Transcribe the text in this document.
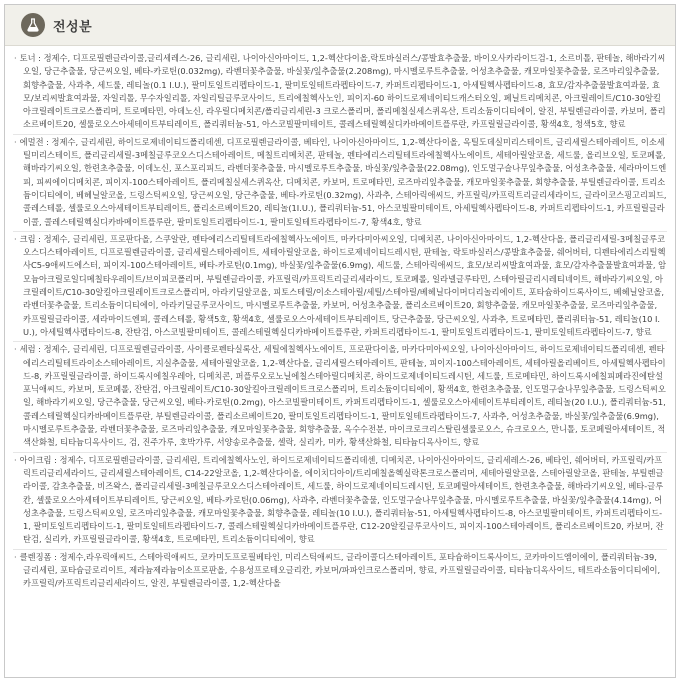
전성분
· 토너 : 정제수, 디프로필렌글라이콜,글리세레스-26, 글리세린, 나이아신아마이드, 1,2-헥산다이올,락토바실러스/콩발효추출물, 바이오사카라이드검-1, 소르비톨, 판테놀, 해바라기씨오일, 당근추출물, 당근씨오일, 베타-카로틴(0.032mg), 라벤더꽃추출물, 바실꽃/잎추출물(2.208mg), 마시멜로루트추출물, 어성초추출물, 캐모마일꽃추출물, 로즈마리잎추출물, 회향추출물, 사과추, 세드룰, 레티놀(0.1 I.U.), 팔미토일트리펩타이드-1, 팔미토일테트라펩타이드-7, 카퍼트리펩타이드-1, 아세틸헥사펩타이드-8, 효모/감자추출물발효여과물, 효모/보리씨발효여과물, 자일리톨, 무수자일리톨, 자일리틸글루코사이드, 트리에칠헥사노인, 피이지-60 하이드로제네이티드캐스터오일, 페닐트리메치콘, 아크릴레이트/C10-30알킬아크릴레이트크로스폴리머, 트로메타민, 아데노신, 라우릴디메치콘/폴리글리세린-3 크로스폴리머, 폴리메칠실세스퀴옥산, 트리소듐이디티에이, 알진, 부틸렌글라이콜, 카보머, 폴리소르베이트20, 셀룰로오스아세테이트부티레이트, 폴리쿼터늄-51, 아스코빌팔미테이트, 콜레스테릴헥실디카바메이트플루란, 카프릴릴글라이콜, 황색4호, 청색5호, 향료
· 에멀전 : 정제수, 글리세린, 하이드로제네이티드폴리데센, 디프로필렌글라이콜, 베타인, 나이아신아마이드, 1,2-헥산다이올, 옥틸도데실미리스테이트, 글리세릴스테아레이트, 이소세틸미리스테이트, 폴리글리세릴-3메칠글루코오스디스테아레이트, 메칠트리메치콘, 판테놀, 펜타에리스리틸테트라에칠헥사노에이트, 세테아릴알코올, 세드룰, 올리브오일, 토코페롤, 해바라기씨오일, 한련초추출물, 이데노신, 포스포리피드, 라벤더꽃추출물, 마시멜로루트추출물, 바실꽃/잎추출물(22.08mg), 인도멀구슬나무잎추출물, 어성초추출물, 세라마이드엔피, 피씨에이디메치콘, 피이지-100스테아레이트, 폴리메칠실세스퀴옥산, 디메치콘, 카보머, 트로메타민, 로즈마리잎추출물, 캐모마일꽃추출물, 회향추출물, 부틸렌글라이콜, 트리소듐이디티에이, 베헤닐알코올, 드링스틱씨오일, 당근씨오일, 당근추출물, 베타-카로틴(0.32mg), 사과추, 스테아릭애씨드, 카프릴릭/카프릭트리글리세라이드, 글라이코스핑고리피드, 콜레스테롤, 셀룰로오스아세테이트부티레이트, 폴리소르베이트20, 레티놀(1I.U.), 폴리쿼터늄-51, 아스코빌팔미테이트, 아세틸헥사펩타이드-8, 카퍼트리펩타이드-1, 카프릴릴글라이콜, 콜레스테릴헥실디카바메이트플루란, 팔미토일트리펩타이드-1, 팔미토일테트라펩타이드-7, 황색4호, 향료
· 크림 : 정제수, 글리세린, 프로판다올, 스쿠알란, 펜타에리스리틸테트라에칠헥사노에이트, 마카다미아씨오일, 디메치콘, 나이아신아마이드, 1,2-헥산다올, 폴리글리세릴-3메칠글루코오스디스테아레이트, 디프로필렌글라이콜, 글리세릴스테아레이트, 세테아릴알코올, 하이드로제네이티드레시틴, 판테놀, 락토바실러스/콩발효추출물, 쉐어버터, 디펜타에리스리틸헥사C5-9애씨드에스터, 피이지-100스테아레이트, 베타-카로틴(0.1mg), 바실꽃/잎추출물(6.9mg), 세드룰, 스테아릭애씨드, 효모/보리씨발효여과물, 효모/감자추출물발효여과물, 암모늄아크릴로일디메칠타우레이트/브이피코폴리머, 부틸렌글라이콜, 카프릴릭/카프릭트리글리세라이드, 토코페롤, 일라넬글루타민, 스테아릴글리시레티네이트, 해바라기씨오일, 아크릴레이트/C10-30알킬아크릴레이트크로스폴리머, 아라키딜알코올, 피토스테릴/이소스테아릴/세틸/스테아릴/베헤닐다이머디리놀리에이트, 포타슘하이드록사이드, 베헤닐알코올, 라벤더꽃추출물, 트리소듐이디티에이, 아라키딜글루코사이드, 마시멜로루트추출물, 카보머, 어성초추출물, 폴리소르베이트20, 회향추출물, 캐모마일꽃추출물, 로즈마리잎추출물, 카프릴릴글라이콜, 세라마이드엔피, 콜레스테롤, 황색5호, 황색4호, 셀룰로오스아세테이트부티레이트, 당근추출물, 당근씨오일, 사과추, 트로메타민, 폴리쿼터늄-51, 레티놀(10 I.U.), 아세틸헥사펩타이드-8, 잔탄검, 아스코빌팔미테이트, 콜레스테릴헥실디카바메이트플루란, 카퍼트리펩타이드-1, 팔미토일트리펩타이드-1, 팔미토일테트라펩타이드-7, 향료
· 세럼 : 정제수, 글리세린, 디프로필렌글라이콜, 사이클로펜타실록산, 세틸에칠헥사노에이트, 프로판다이올, 마카다미아씨오일, 나이아신아마이드, 하이드로제네이티드폴리데센, 펜타에리스리틸테트라이소스테아레이트, 지실추출물, 세테아릴알코올, 1,2-헥산다올, 글리세릴스테아레이트, 판테놀, 피이지-100스테아레이트, 세테아릴올리베이트, 아세틸헥사펩타이드-8, 카프릴릴글라이콜, 하이드록시에칠우레아, 디메치콘, 퍼플루오로노닐에칠스테아릴디메치콘, 하이드로제네이티드레시틴, 세드룰, 트로메타민, 하이드록시에칠피페라진에탄설포닉애씨드, 카보머, 토코페롤, 잔탄검, 아크릴레이트/C10-30알킬아크릴레이트크로스폴리머, 트리소듐이디티에이, 황색4호, 한련초추출물, 인도멀구슬나무잎추출물, 드링스틱씨오일, 해바라기씨오일, 당근추출물, 당근씨오일, 베타-카로틴(0.2mg), 아스코빌팔미테이트, 카퍼트리펩타이드-1, 셀룰로오스아세테이트부티레이트, 레티놀(20 I.U.), 폴리쿼터늄-51, 콜레스테릴헥실디카바메이트플루란, 부틸렌글라이콜, 폴리소르베이트20, 팔미토일트리펩타이드-1, 팔미토일테트라펩타이드-7, 사과추, 어성초추출물, 바실꽃/잎추출물(6.9mg), 마시멜로루트추출물, 라벤더꽃추출물, 로즈마리잎추출물, 캐모마일꽃추출물, 회향추출물, 옥수수전분, 마이크로크리스탈린셀룰로오스, 슈크로오스, 만니톨, 토코페릴아세테이트, 적색산화철, 티타늄디옥사이드, 검, 진주가루, 호박가루, 서양송로추출물, 셀락, 실리카, 미카, 황색산화철, 티타늄디옥사이드, 향료
· 아이크림 : 정제수, 디프로필렌글라이콜, 글리세린, 트리에칠헥사노인, 하이드로제네이티드폴리데센, 디메치콘, 나이아신아마이드, 글리세레스-26, 베타인, 쉐어버터, 카프릴릭/카프릭트리글리세라이드, 글리세릴스테아레이트, C14-22알코올, 1,2-헥산다이올, 에이치디아이/트리메칠올헥실락톤크로스폴리머, 세테아릴알코올, 스테아릴알코올, 판테놀, 부틸렌글라이콜, 감초추출물, 비즈왁스, 폴리글리세릴-3메칠글루코오스디스테아레이트, 세드룰, 하이드로제네이티드레시틴, 토코페릴아세테이트, 한련초추출물, 해바라기씨오일, 베타-글루칸, 셀룰로오스아세테이트부티레이트, 당근씨오일, 베타-카로틴(0.06mg), 사과추, 라벤더꽃추출물, 인도멀구슬나무잎추출물, 마시멜로루트추출물, 바실꽃/잎추출물(4.14mg), 어성초추출물, 드링스틱씨오일, 로즈마리잎추출물, 캐모마일꽃추출물, 회향추출물, 레티놀(10 I.U.), 폴리쿼터늄-51, 아세틸헥사펩타이드-8, 아스코빌팔미테이트, 카퍼트리펩타이드-1, 팔미토일트리펩타이드-1, 팔미토일테트라펩타이드-7, 콜레스테릴헥실디카바메이트플루란, C12-20알킬글루코사이드, 피이지-100스테아레이트, 폴리소르베이트20, 카보머, 잔탄검, 실리카, 카프릴릴글라이콜, 황색4호, 트로메타민, 트리소듐이디티에이, 향료
· 클렌징폼 : 정제수,라우릭애씨드, 스테아릭애씨드, 코카미도프로필베타인, 미리스틱애씨드, 글라이콜디스테아레이트, 포타슘하이드록사이드, 코카마이드엠이에이, 폴리쿼터늄-39, 글리세린, 포타슘글로리이트, 제라늄제라늄이소프로판올, 수용성프로테오글리칸, 카보머/파파인크로스폴리머, 향료, 카프릴릴글라이콜, 티타늄디옥사이드, 테트라소듐이디티에이, 카프릴릭/카프릭트리글리세라이드, 알진, 부틸렌글라이콜, 1,2-헥산다올
